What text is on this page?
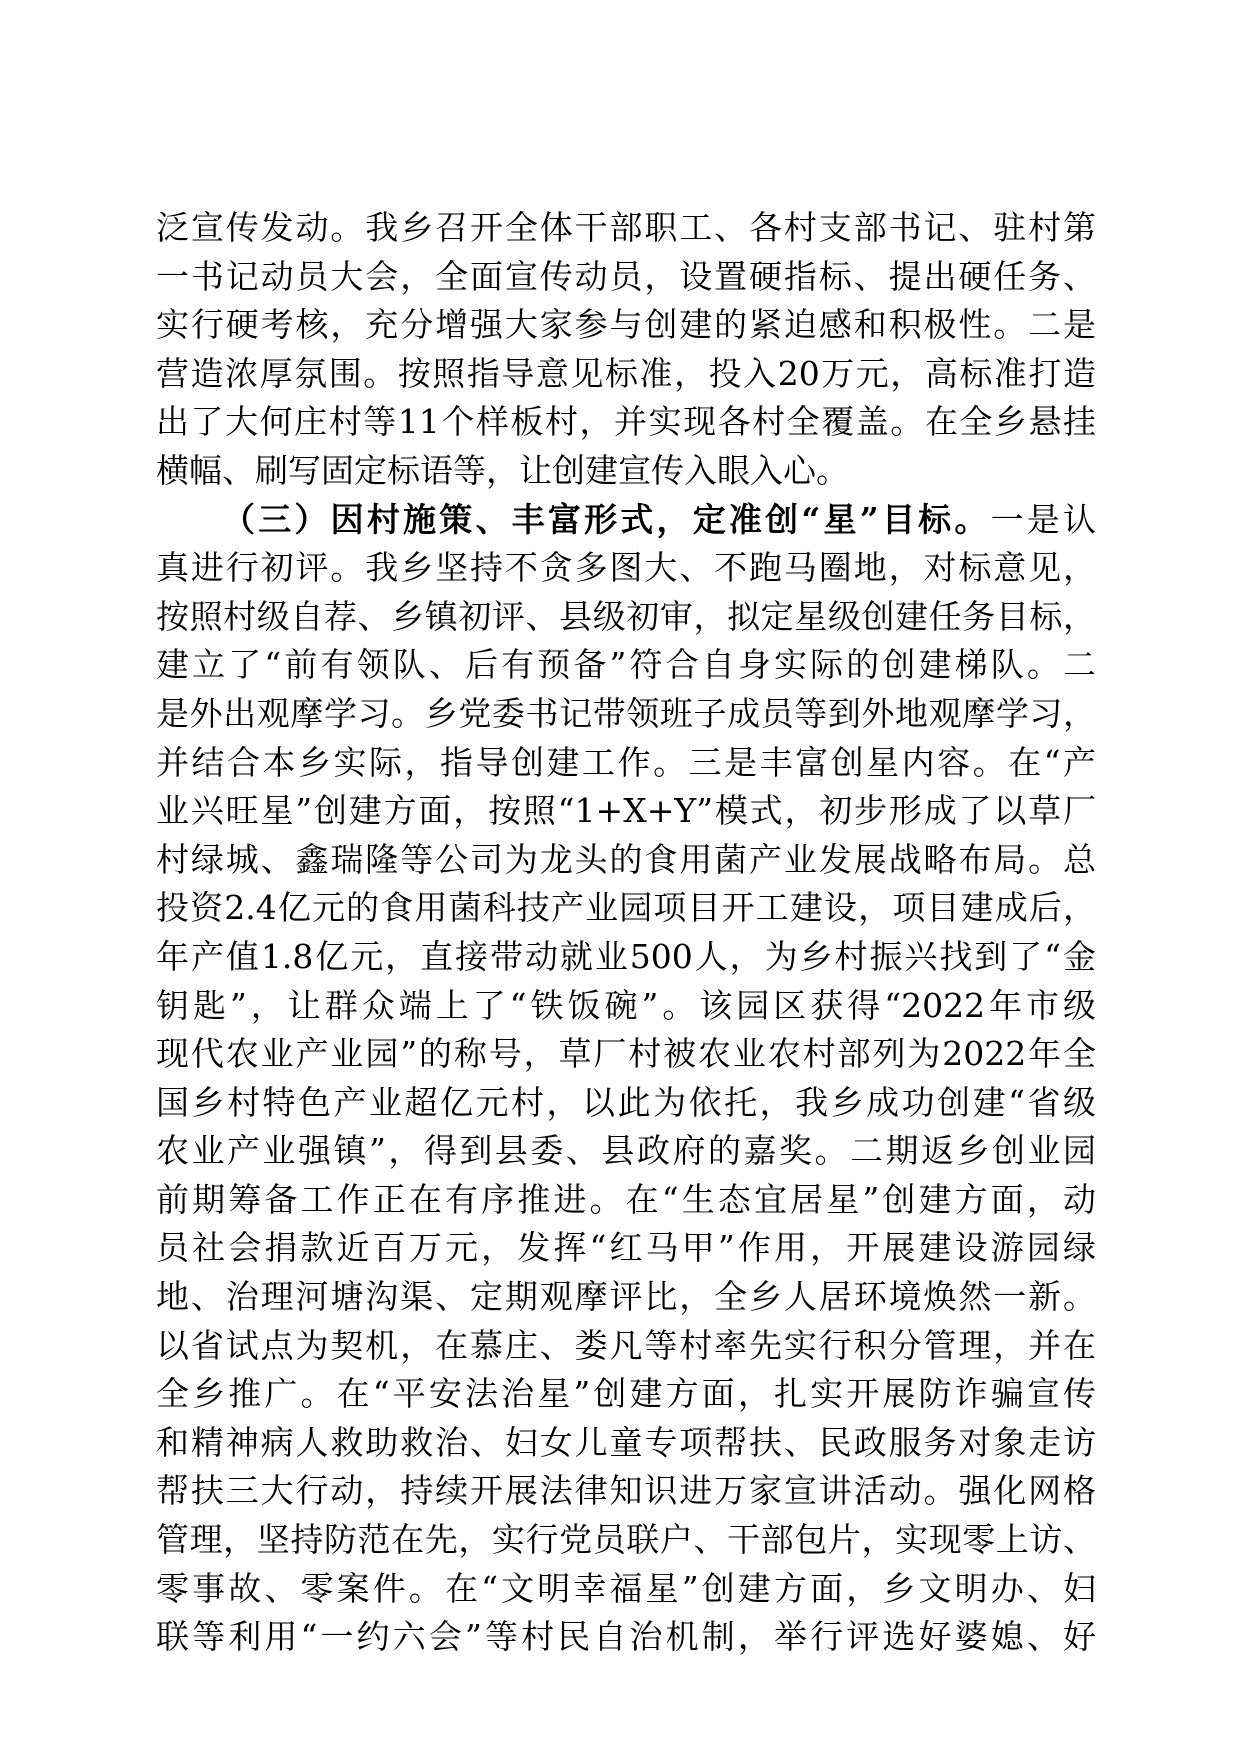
泛宣传发动。我乡召开全体干部职工、各村支部书记、驻村第
一书记动员大会，全面宣传动员，设置硬指标、提出硬任务、
实行硬考核，充分增强大家参与创建的紧迫感和积极性。二是
营造浓厚氛围。按照指导意见标准，投入20万元，高标准打造
出了大何庄村等11个样板村，并实现各村全覆盖。在全乡悬挂
横幅、刷写固定标语等，让创建宣传入眼入心。
（三）因村施策、丰富形式，定准创“星”目标。一是认
真进行初评。我乡坚持不贪多图大、不跑马圈地，对标意见，
按照村级自荐、乡镇初评、县级初审，拟定星级创建任务目标，
建立了“前有领队、后有预备”符合自身实际的创建梯队。二
是外出观摩学习。乡党委书记带领班子成员等到外地观摩学习，
并结合本乡实际，指导创建工作。三是丰富创星内容。在“产
业兴旺星”创建方面，按照“1+X+Y”模式，初步形成了以草厂
村绿城、鑫瑞隆等公司为龙头的食用菌产业发展战略布局。总
投资2.4亿元的食用菌科技产业园项目开工建设，项目建成后，
年产值1.8亿元，直接带动就业500人，为乡村振兴找到了“金
钥匙”，让群众端上了“铁饭碗”。该园区获得“2022年市级
现代农业产业园”的称号，草厂村被农业农村部列为2022年全
国乡村特色产业超亿元村，以此为依托，我乡成功创建“省级
农业产业强镇”，得到县委、县政府的嘉奖。二期返乡创业园
前期筹备工作正在有序推进。在“生态宜居星”创建方面，动
员社会捐款近百万元，发挥“红马甲”作用，开展建设游园绿
地、治理河塘沟渠、定期观摩评比，全乡人居环境焕然一新。
以省试点为契机，在慕庄、娄凡等村率先实行积分管理，并在
全乡推广。在“平安法治星”创建方面，扎实开展防诈骗宣传
和精神病人救助救治、妇女儿童专项帮扶、民政服务对象走访
帮扶三大行动，持续开展法律知识进万家宣讲活动。强化网格
管理，坚持防范在先，实行党员联户、干部包片，实现零上访、
零事故、零案件。在“文明幸福星”创建方面，乡文明办、妇
联等利用“一约六会”等村民自治机制，举行评选好婆媳、好
